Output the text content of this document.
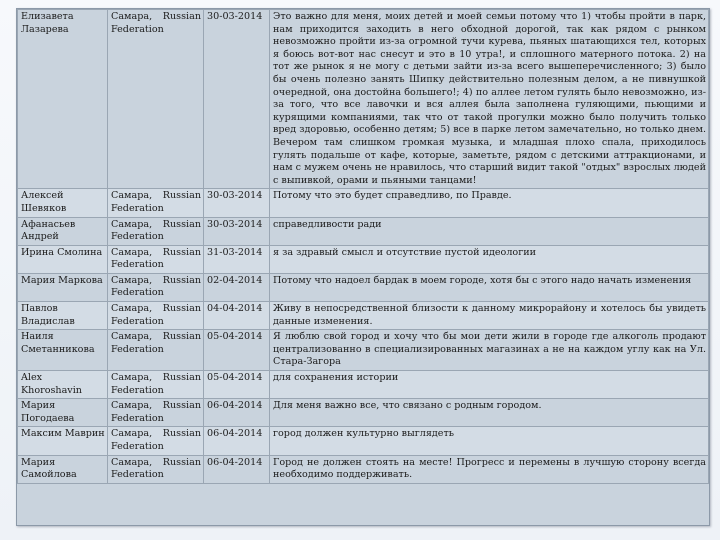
Елизавета Лазарева	Самара, Russian Federation	30-03-2014	Это важно для меня, моих детей и моей семьи потому что 1) чтобы пройти в парк, нам приходится заходить в него обходной дорогой, так как рядом с рынком невозможно пройти из-за огромной тучи курева, пьяных шатающихся тел, которых я боюсь вот-вот нас снесут и это в 10 утра!, и сплошного матерного потока. 2) на тот же рынок я не могу с детьми зайти из-за всего вышеперечисленного; 3) было бы очень полезно занять Шипку действительно полезным делом, а не пивнушкой очередной, она достойна большего!; 4) по аллее летом гулять было невозможно, из-за того, что все лавочки и вся аллея была заполнена гуляющими, пьющими и курящими компаниями, так что от такой прогулки можно было получить только вред здоровью, особенно детям; 5) все в парке летом замечательно, но только днем. Вечером там слишком громкая музыка, и младшая плохо спала, приходилось гулять подальше от кафе, которые, заметьте, рядом с детскими аттракционами, и нам с мужем очень не нравилось, что старший видит такой "отдых" взрослых людей с выпивкой, орами и пьяными танцами!
Алексей Шевяков	Самара, Russian Federation	30-03-2014	Потому что это будет справедливо, по Правде.
Афанасьев Андрей	Самара, Russian Federation	30-03-2014	справедливости ради
Ирина Смолина	Самара, Russian Federation	31-03-2014	я за здравый смысл и отсутствие пустой идеологии
Мария Маркова	Самара, Russian Federation	02-04-2014	Потому что надоел бардак в моем городе, хотя бы с этого надо начать изменения
Павлов Владислав	Самара, Russian Federation	04-04-2014	Живу в непосредственной близости к данному микрорайону и хотелось бы увидеть данные изменения.
Наиля Сметанникова	Самара, Russian Federation	05-04-2014	Я люблю свой город и хочу что бы мои дети жили в городе где алкоголь продают централизованно в специализированных магазинах а не на каждом углу как на Ул. Стара-Загора
Alex Khoroshavin	Самара, Russian Federation	05-04-2014	для сохранения истории
Мария Погодаева	Самара, Russian Federation	06-04-2014	Для меня важно все, что связано с родным городом.
Максим Маврин	Самара, Russian Federation	06-04-2014	город должен культурно выглядеть
Мария Самойлова	Самара, Russian Federation	06-04-2014	Город не должен стоять на месте! Прогресс и перемены в лучшую сторону всегда необходимо поддерживать.
